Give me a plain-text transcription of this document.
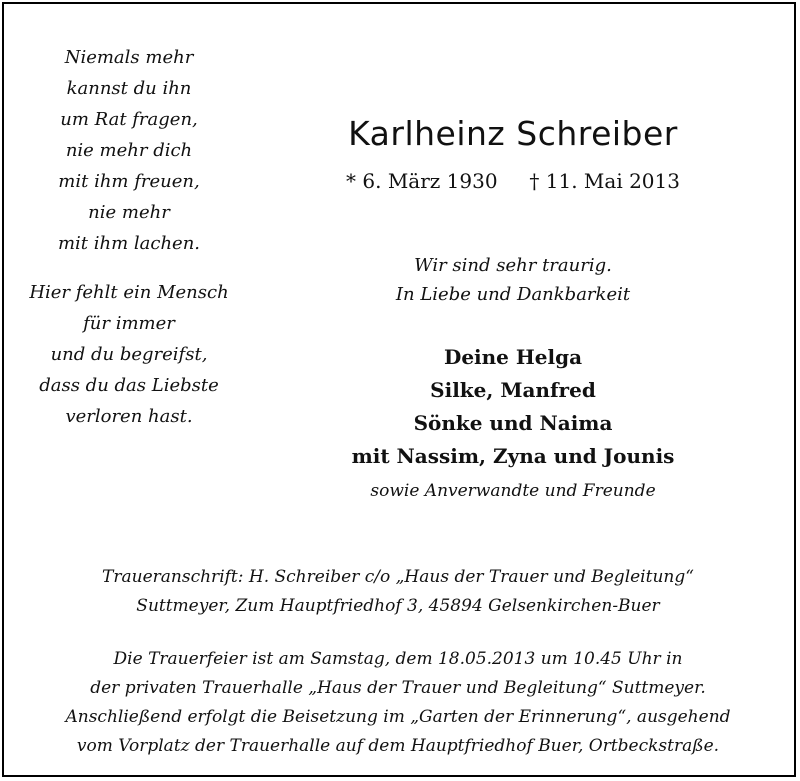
Niemals mehr
kannst du ihn
um Rat fragen,
nie mehr dich
mit ihm freuen,
nie mehr
mit ihm lachen.
Hier fehlt ein Mensch
für immer
und du begreifst,
dass du das Liebste
verloren hast.
Karlheinz Schreiber
* 6. März 1930 † 11. Mai 2013
Wir sind sehr traurig.
In Liebe und Dankbarkeit
Deine Helga
Silke, Manfred
Sönke und Naima
mit Nassim, Zyna und Jounis
sowie Anverwandte und Freunde
Traueranschrift: H. Schreiber c/o „Haus der Trauer und Begleitung“
Suttmeyer, Zum Hauptfriedhof 3, 45894 Gelsenkirchen-Buer
Die Trauerfeier ist am Samstag, dem 18.05.2013 um 10.45 Uhr in
der privaten Trauerhalle „Haus der Trauer und Begleitung“ Suttmeyer.
Anschließend erfolgt die Beisetzung im „Garten der Erinnerung“, ausgehend
vom Vorplatz der Trauerhalle auf dem Hauptfriedhof Buer, Ortbeckstraße.
